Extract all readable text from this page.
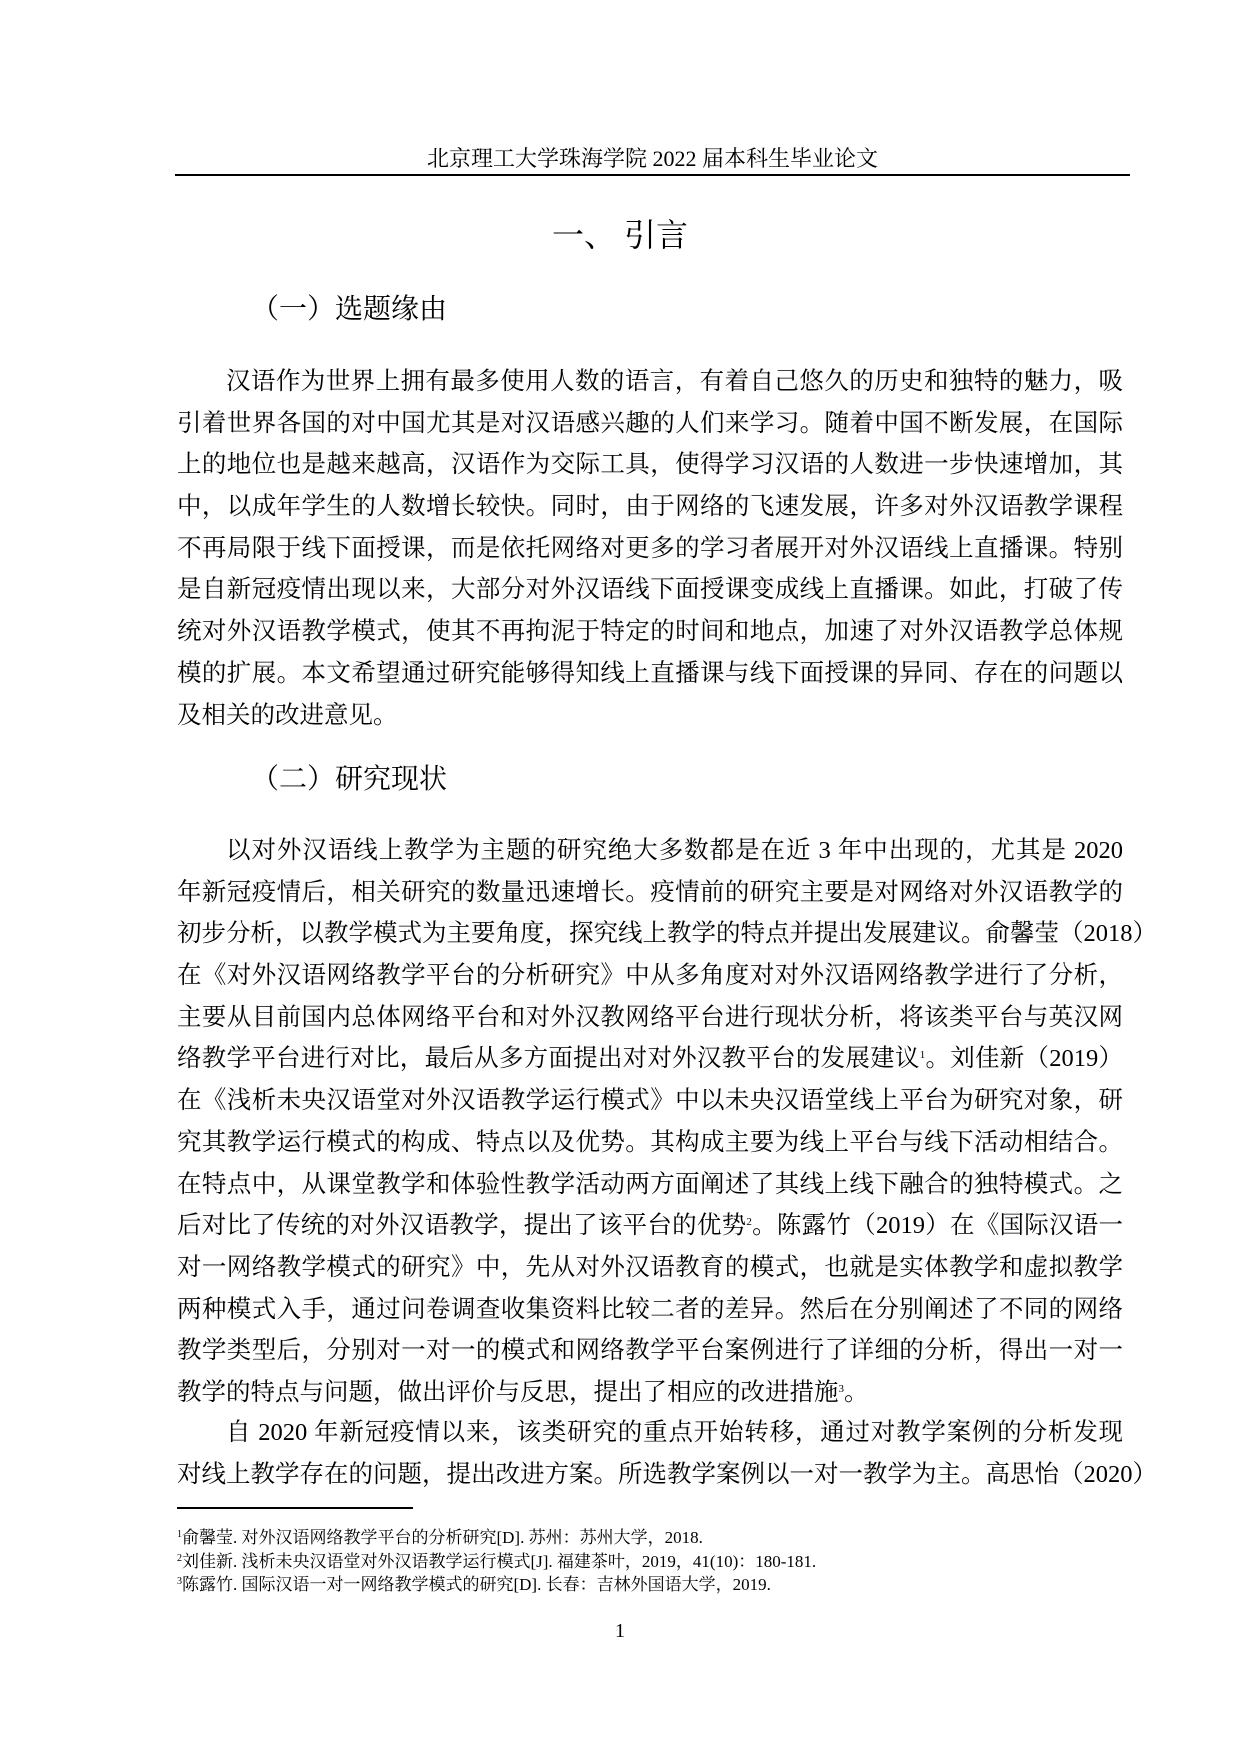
北京理工大学珠海学院 2022 届本科生毕业论文
一、 引言
（一）选题缘由
汉语作为世界上拥有最多使用人数的语言，有着自己悠久的历史和独特的魅力，吸
引着世界各国的对中国尤其是对汉语感兴趣的人们来学习。随着中国不断发展，在国际
上的地位也是越来越高，汉语作为交际工具，使得学习汉语的人数进一步快速增加，其
中，以成年学生的人数增长较快。同时，由于网络的飞速发展，许多对外汉语教学课程
不再局限于线下面授课，而是依托网络对更多的学习者展开对外汉语线上直播课。特别
是自新冠疫情出现以来，大部分对外汉语线下面授课变成线上直播课。如此，打破了传
统对外汉语教学模式，使其不再拘泥于特定的时间和地点，加速了对外汉语教学总体规
模的扩展。本文希望通过研究能够得知线上直播课与线下面授课的异同、存在的问题以
及相关的改进意见。
（二）研究现状
以对外汉语线上教学为主题的研究绝大多数都是在近 3 年中出现的，尤其是 2020
年新冠疫情后，相关研究的数量迅速增长。疫情前的研究主要是对网络对外汉语教学的
初步分析，以教学模式为主要角度，探究线上教学的特点并提出发展建议。俞馨莹（2018）
在《对外汉语网络教学平台的分析研究》中从多角度对对外汉语网络教学进行了分析，
主要从目前国内总体网络平台和对外汉教网络平台进行现状分析，将该类平台与英汉网
络教学平台进行对比，最后从多方面提出对对外汉教平台的发展建议$^1$。刘佳新（2019）
在《浅析未央汉语堂对外汉语教学运行模式》中以未央汉语堂线上平台为研究对象，研
究其教学运行模式的构成、特点以及优势。其构成主要为线上平台与线下活动相结合。
在特点中，从课堂教学和体验性教学活动两方面阐述了其线上线下融合的独特模式。之
后对比了传统的对外汉语教学，提出了该平台的优势$^2$。陈露竹（2019）在《国际汉语一
对一网络教学模式的研究》中，先从对外汉语教育的模式，也就是实体教学和虚拟教学
两种模式入手，通过问卷调查收集资料比较二者的差异。然后在分别阐述了不同的网络
教学类型后，分别对一对一的模式和网络教学平台案例进行了详细的分析，得出一对一
教学的特点与问题，做出评价与反思，提出了相应的改进措施$^3$。
自 2020 年新冠疫情以来，该类研究的重点开始转移，通过对教学案例的分析发现
对线上教学存在的问题，提出改进方案。所选教学案例以一对一教学为主。高思怡（2020）
$^1$俞馨莹. 对外汉语网络教学平台的分析研究[D]. 苏州：苏州大学，2018.
$^2$刘佳新. 浅析未央汉语堂对外汉语教学运行模式[J]. 福建茶叶，2019，41(10)：180-181.
$^3$陈露竹. 国际汉语一对一网络教学模式的研究[D]. 长春：吉林外国语大学，2019.
1
